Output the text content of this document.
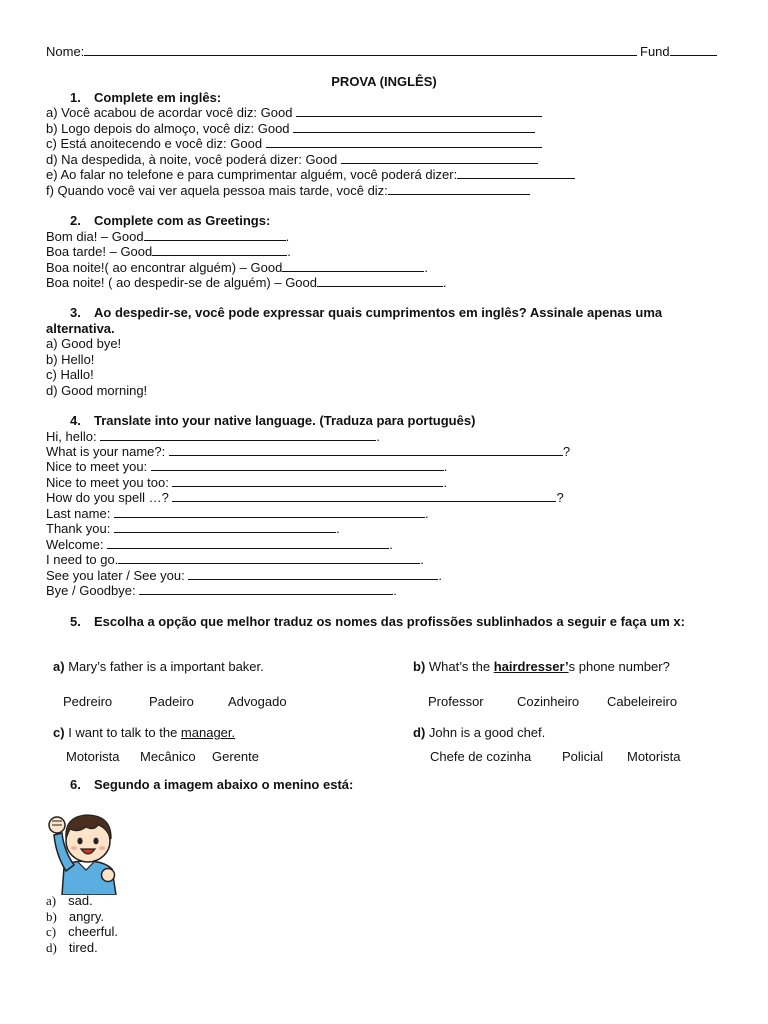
Nome:	Fund
PROVA (INGLÊS)
1. Complete em inglês:
a) Você acabou de acordar você diz: Good
b) Logo depois do almoço, você diz: Good
c) Está anoitecendo e você diz: Good
d) Na despedida, à noite, você poderá dizer: Good
e) Ao falar no telefone e para cumprimentar alguém, você poderá dizer:
f) Quando você vai ver aquela pessoa mais tarde, você diz:
2. Complete com as Greetings:
Bom dia! – Good	.
Boa tarde! – Good	.
Boa noite!( ao encontrar alguém) – Good	.
Boa noite! ( ao despedir-se de alguém) – Good	.
3. Ao despedir-se, você pode expressar quais cumprimentos em inglês? Assinale apenas uma alternativa.
a) Good bye!
b) Hello!
c) Hallo!
d) Good morning!
4. Translate into your native language. (Traduza para português)
Hi, hello:	.
What is your name?:	?
Nice to meet you:	.
Nice to meet you too:	.
How do you spell …?	?
Last name:	.
Thank you:	.
Welcome:	.
I need to go.	.
See you later / See you:	.
Bye / Goodbye:	.
5. Escolha a opção que melhor traduz os nomes das profissões sublinhados a seguir e faça um x:
a) Mary’s father is a important baker.
Pedreiro	Padeiro	Advogado
b) What’s the hairdresser’s phone number?
Professor	Cozinheiro Cabeleireiro
c) I want to talk to the manager.
Motorista Mecânico Gerente
d) John is a good chef.
Chefe de cozinha Policial Motorista
6. Segundo a imagem abaixo o menino está:
a) sad.
b) angry.
c) cheerful.
d) tired.
